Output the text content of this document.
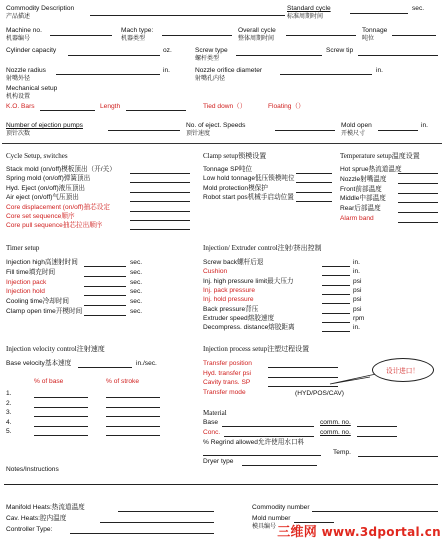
Commodity Description
产品描述
Standard cycle
标准周期时间
sec.
Machine no.
机器编号
Mach type:
机器类型
Overall cycle
整体周期时间
Tonnage
吨位
Cylinder capacity	oz.	Screw type
螺杆类型
Screw tip
Nozzle radius
射嘴外径
in.	Nozzle orifice diameter
射嘴孔内径
in.
Mechanical setup
机构设置
K.O. Bars	Length	Tied down（）	Floating（）
Number of ejection pumps
顶针次数
No. of eject. Speeds
顶针速度
Mold open
开模尺寸
in.
Cycle Setup, switches
Stack mold (on/off)模板顶出（开/关）
Spring mold (on/off)弹簧顶出
Hyd. Eject (on/off)液压顶出
Air eject (on/off)气压顶出
Core displacement (on/off)抽芯设定
Core set sequence顺序
Core pull sequence抽芯拉出顺序
Clamp setup锁模设置
Tonnage SP吨位
Low hold tonnage低压锁模吨位
Mold protection模保护
Robot start pos机械手启动位置
Temperature setup温度设置
Hot sprue热流道温度
Nozzle射嘴温度
Front前部温度
Middle中部温度
Rear后部温度
Alarm band
Timer setup
Injection high高速射时间	sec.
Fill time填充时间	sec.
Injection pack	sec.
Injection hold	sec.
Cooling time冷却时间	sec.
Clamp open time开模时间	sec.
Injection/ Extruder control注射/挤出控制
Screw back螺杆后退	in.
Cushion	in.
Inj. high pressure limit最大压力	psi
Inj. pack pressure	psi
Inj. hold pressure	psi
Back pressure背压	psi
Extruder speed熔胶速度	rpm
Decompress. distance熔胶距离	in.
Injection velocity control注射速度
Base velocity基本速度	in./sec.
% of base	% of stroke
1.
2.
3.
4.
5.
Injection process setup注塑过程设置
Transfer position
Hyd. transfer psi
Cavity trans. SP
Transfer mode	(HYD/POS/CAV)
设计进口！
Material
Base	comm. no.
Conc.	comm. no.
% Regrind allowed允许使用水口料
Temp.
Dryer type
Notes/Instructions
Manifold Heats:热流道温度
Cav. Heats:腔内温度
Controller Type:
Commodity number
Mold number
模具编号 三维网 www.3dportal.cn
